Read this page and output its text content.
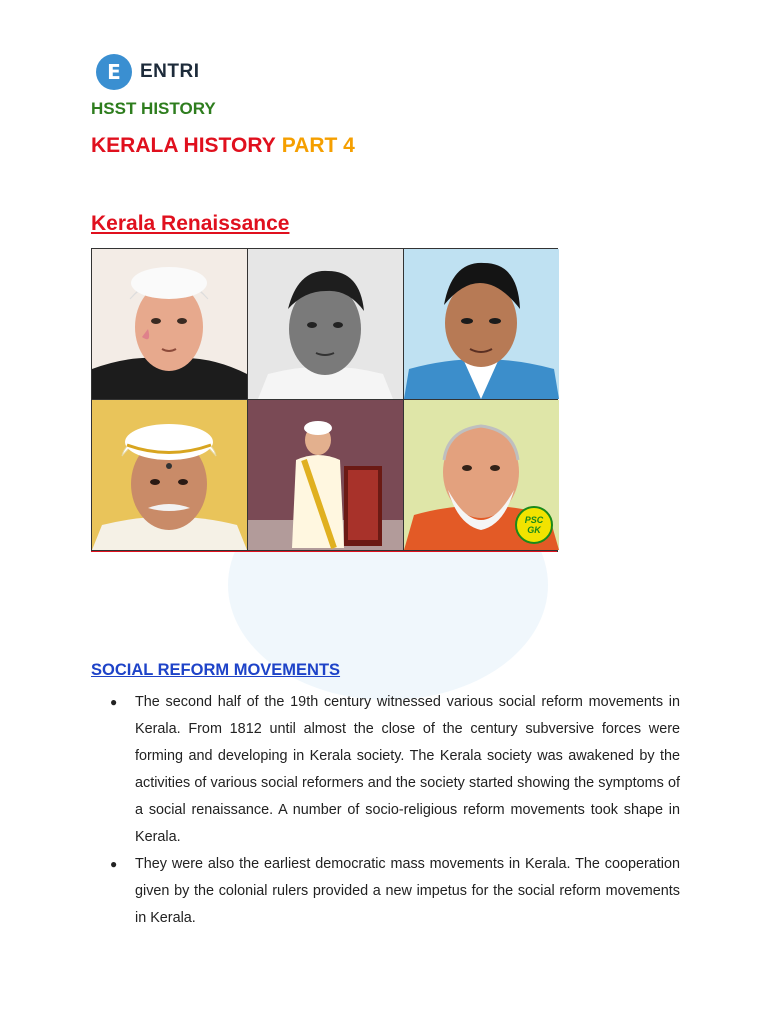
E	ENTRI
HSST HISTORY
KERALA HISTORY PART 4
Kerala Renaissance
PSC
GK
SOCIAL REFORM MOVEMENTS
● The second half of the 19th century witnessed various social reform movements in Kerala. From 1812 until almost the close of the century subversive forces were forming and developing in Kerala society. The Kerala society was awakened by the activities of various social reformers and the society started showing the symptoms of a social renaissance. A number of socio-religious reform movements took shape in Kerala.
● They were also the earliest democratic mass movements in Kerala. The cooperation given by the colonial rulers provided a new impetus for the social reform movements in Kerala.
